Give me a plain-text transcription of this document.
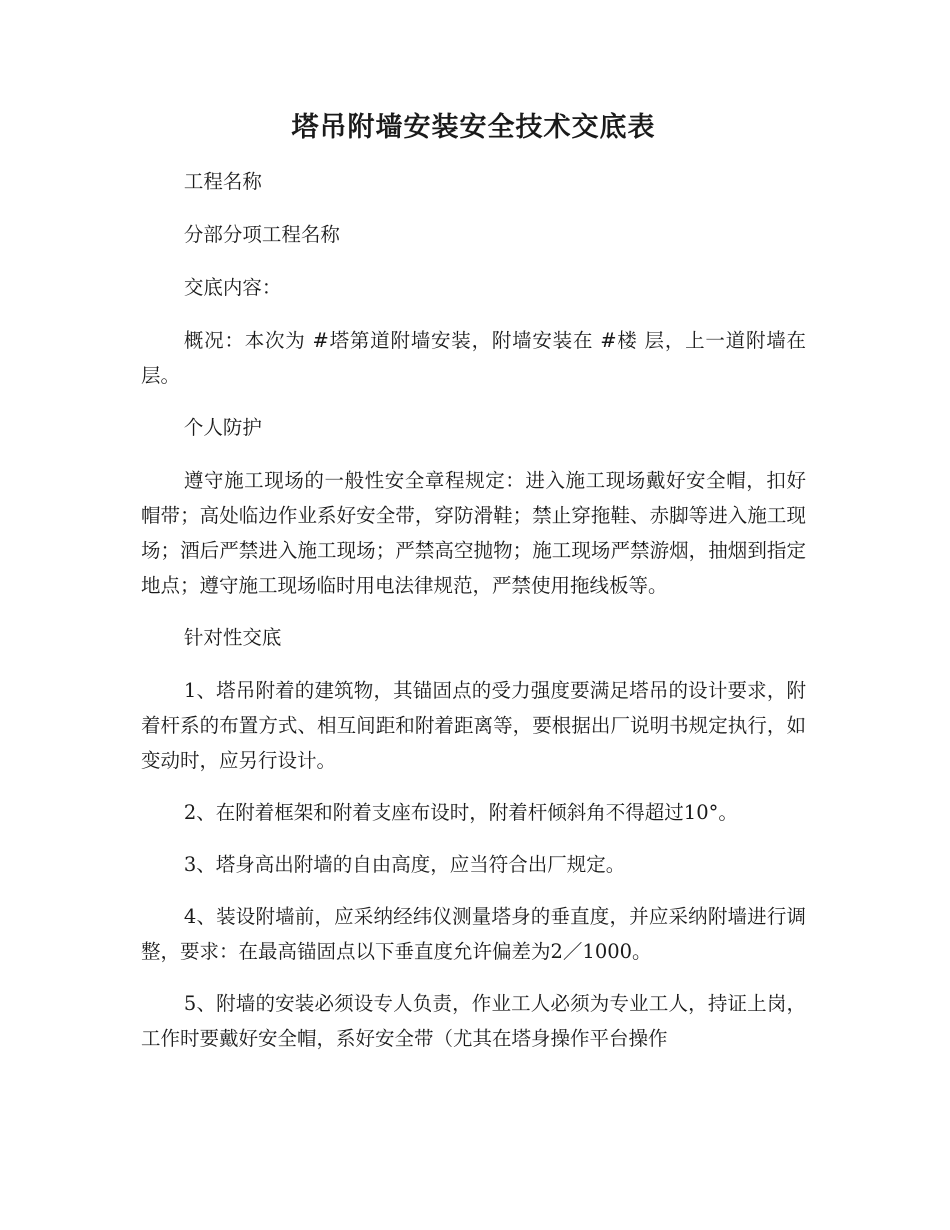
塔吊附墙安装安全技术交底表

工程名称

分部分项工程名称

交底内容：

概况：本次为 #塔第道附墙安装，附墙安装在 #楼 层，上一道附墙在 层。

个人防护

遵守施工现场的一般性安全章程规定：进入施工现场戴好安全帽，扣好帽带；高处临边作业系好安全带，穿防滑鞋；禁止穿拖鞋、赤脚等进入施工现场；酒后严禁进入施工现场；严禁高空抛物；施工现场严禁游烟，抽烟到指定地点；遵守施工现场临时用电法律规范，严禁使用拖线板等。

针对性交底

1、塔吊附着的建筑物，其锚固点的受力强度要满足塔吊的设计要求，附着杆系的布置方式、相互间距和附着距离等，要根据出厂说明书规定执行，如变动时，应另行设计。

2、在附着框架和附着支座布设时，附着杆倾斜角不得超过10°。

3、塔身高出附墙的自由高度，应当符合出厂规定。

4、装设附墙前，应采纳经纬仪测量塔身的垂直度，并应采纳附墙进行调整，要求：在最高锚固点以下垂直度允许偏差为2／1000。

5、附墙的安装必须设专人负责，作业工人必须为专业工人，持证上岗，工作时要戴好安全帽，系好安全带（尤其在塔身操作平台操作
